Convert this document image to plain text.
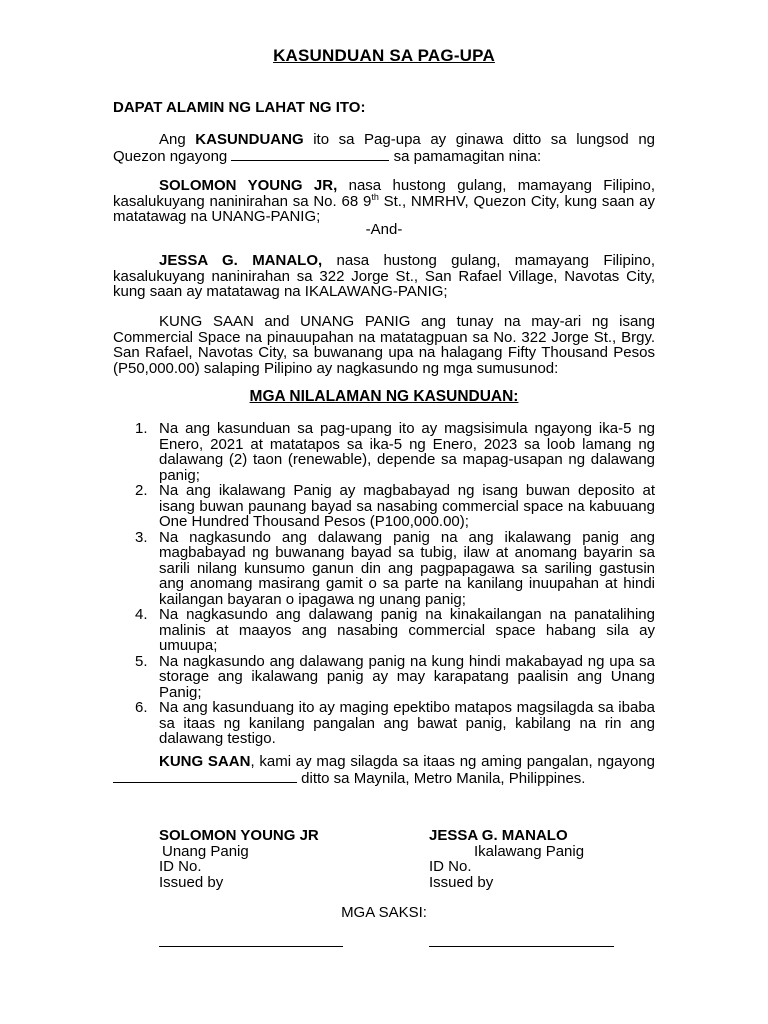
KASUNDUAN SA PAG-UPA
DAPAT ALAMIN NG LAHAT NG ITO:
Ang KASUNDUANG ito sa Pag-upa ay ginawa ditto sa lungsod ng Quezon ngayong	sa pamamagitan nina:
SOLOMON YOUNG JR, nasa hustong gulang, mamayang Filipino, kasalukuyang naninirahan sa No. 68 9th St., NMRHV, Quezon City, kung saan ay matatawag na UNANG-PANIG;
-And-
JESSA G. MANALO, nasa hustong gulang, mamayang Filipino, kasalukuyang naninirahan sa 322 Jorge St., San Rafael Village, Navotas City, kung saan ay matatawag na IKALAWANG-PANIG;
KUNG SAAN and UNANG PANIG ang tunay na may-ari ng isang Commercial Space na pinauupahan na matatagpuan sa No. 322 Jorge St., Brgy. San Rafael, Navotas City, sa buwanang upa na halagang Fifty Thousand Pesos (P50,000.00) salaping Pilipino ay nagkasundo ng mga sumusunod:
MGA NILALAMAN NG KASUNDUAN:
1. Na ang kasunduan sa pag-upang ito ay magsisimula ngayong ika-5 ng Enero, 2021 at matatapos sa ika-5 ng Enero, 2023 sa loob lamang ng dalawang (2) taon (renewable), depende sa mapag-usapan ng dalawang panig;
2. Na ang ikalawang Panig ay magbabayad ng isang buwan deposito at isang buwan paunang bayad sa nasabing commercial space na kabuuang One Hundred Thousand Pesos (P100,000.00);
3. Na nagkasundo ang dalawang panig na ang ikalawang panig ang magbabayad ng buwanang bayad sa tubig, ilaw at anomang bayarin sa sarili nilang kunsumo ganun din ang pagpapagawa sa sariling gastusin ang anomang masirang gamit o sa parte na kanilang inuupahan at hindi kailangan bayaran o ipagawa ng unang panig;
4. Na nagkasundo ang dalawang panig na kinakailangan na panatalihing malinis at maayos ang nasabing commercial space habang sila ay umuupa;
5. Na nagkasundo ang dalawang panig na kung hindi makabayad ng upa sa storage ang ikalawang panig ay may karapatang paalisin ang Unang Panig;
6. Na ang kasunduang ito ay maging epektibo matapos magsilagda sa ibaba sa itaas ng kanilang pangalan ang bawat panig, kabilang na rin ang dalawang testigo.
KUNG SAAN, kami ay mag silagda sa itaas ng aming pangalan, ngayong  ditto sa Maynila, Metro Manila, Philippines.
SOLOMON YOUNG JR
Unang Panig
ID No.
Issued by
JESSA G. MANALO
Ikalawang Panig
ID No.
Issued by
MGA SAKSI:
